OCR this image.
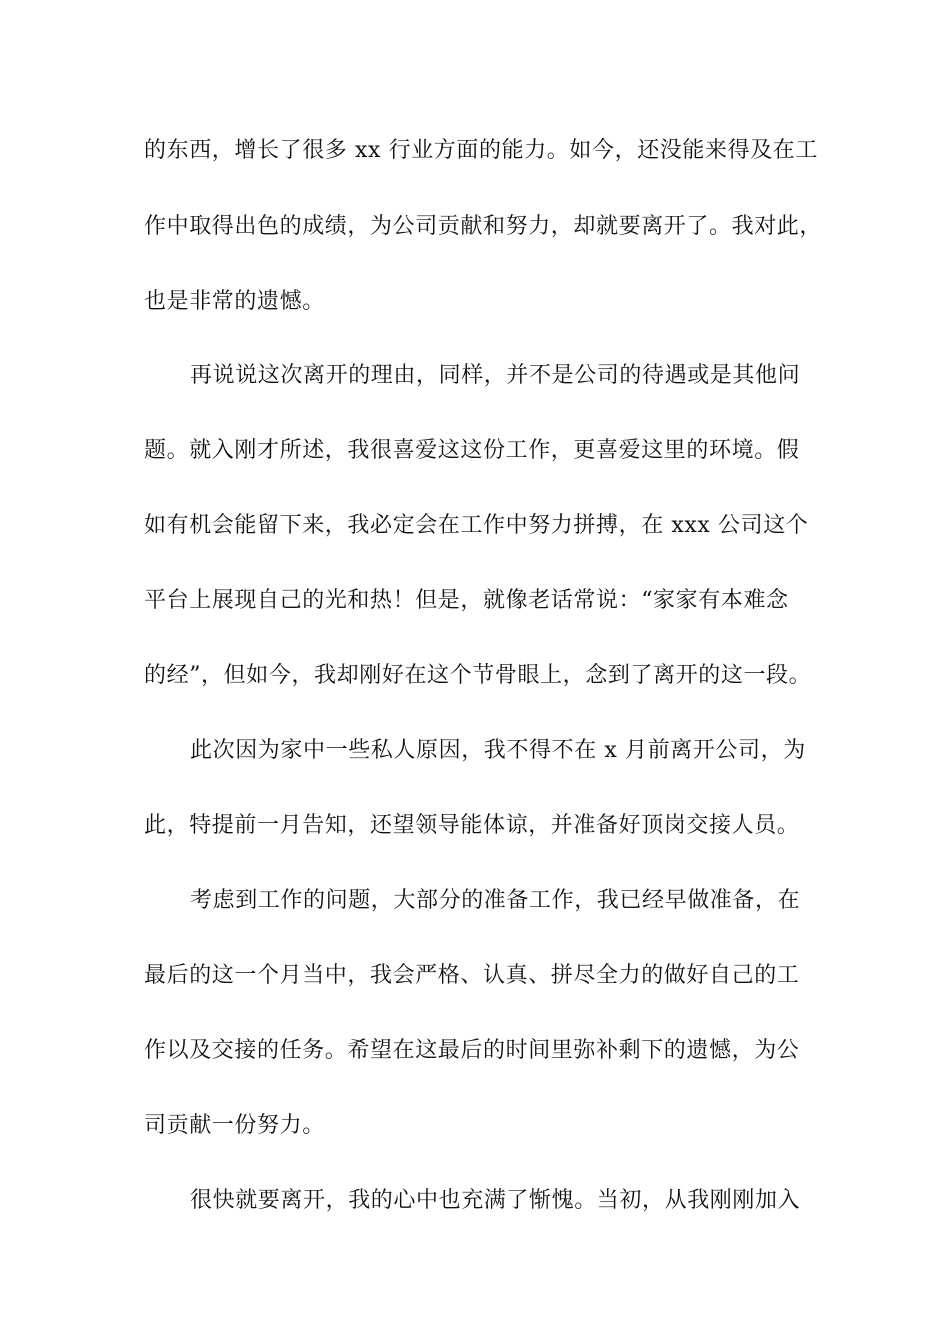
的东西，增长了很多 xx 行业方面的能力。如今，还没能来得及在工
作中取得出色的成绩，为公司贡献和努力，却就要离开了。我对此，
也是非常的遗憾。
再说说这次离开的理由，同样，并不是公司的待遇或是其他问
题。就入刚才所述，我很喜爱这这份工作，更喜爱这里的环境。假
如有机会能留下来，我必定会在工作中努力拼搏，在 xxx 公司这个
平台上展现自己的光和热！但是，就像老话常说：“家家有本难念
的经”，但如今，我却刚好在这个节骨眼上，念到了离开的这一段。
此次因为家中一些私人原因，我不得不在 x 月前离开公司，为
此，特提前一月告知，还望领导能体谅，并准备好顶岗交接人员。
考虑到工作的问题，大部分的准备工作，我已经早做准备，在
最后的这一个月当中，我会严格、认真、拼尽全力的做好自己的工
作以及交接的任务。希望在这最后的时间里弥补剩下的遗憾，为公
司贡献一份努力。
很快就要离开，我的心中也充满了惭愧。当初，从我刚刚加入
